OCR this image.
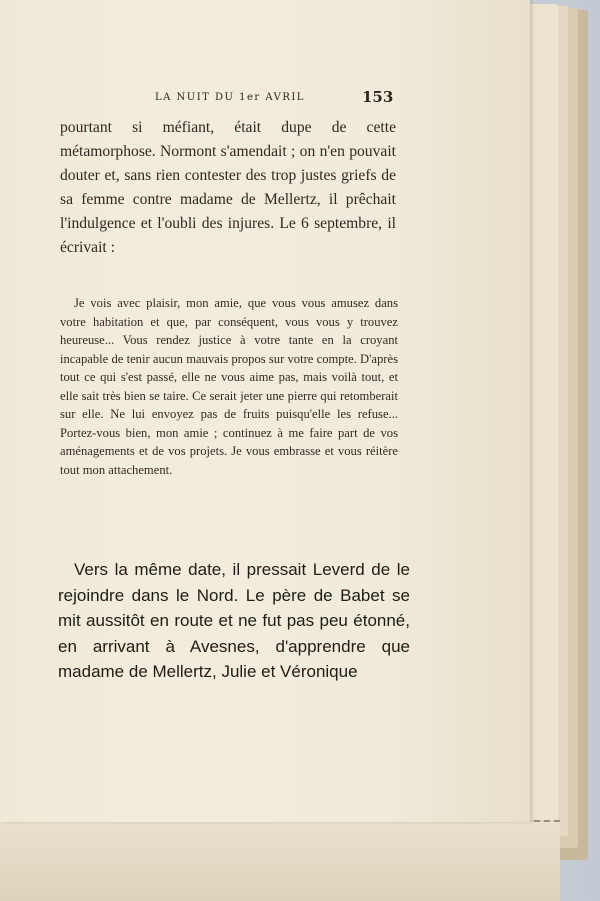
LA NUIT DU 1er AVRIL	153

pourtant si méfiant, était dupe de cette métamorphose. Normont s'amendait ; on n'en pouvait douter et, sans rien contester des trop justes griefs de sa femme contre madame de Mellertz, il prêchait l'indulgence et l'oubli des injures. Le 6 septembre, il écrivait :

Je vois avec plaisir, mon amie, que vous vous amusez dans votre habitation et que, par conséquent, vous vous y trouvez heureuse... Vous rendez justice à votre tante en la croyant incapable de tenir aucun mauvais propos sur votre compte. D'après tout ce qui s'est passé, elle ne vous aime pas, mais voilà tout, et elle sait très bien se taire. Ce serait jeter une pierre qui retomberait sur elle. Ne lui envoyez pas de fruits puisqu'elle les refuse... Portez-vous bien, mon amie ; continuez à me faire part de vos aménagements et de vos projets. Je vous embrasse et vous réitère tout mon attachement.

Vers la même date, il pressait Leverd de le rejoindre dans le Nord. Le père de Babet se mit aussitôt en route et ne fut pas peu étonné, en arrivant à Avesnes, d'apprendre que madame de Mellertz, Julie et Véronique
